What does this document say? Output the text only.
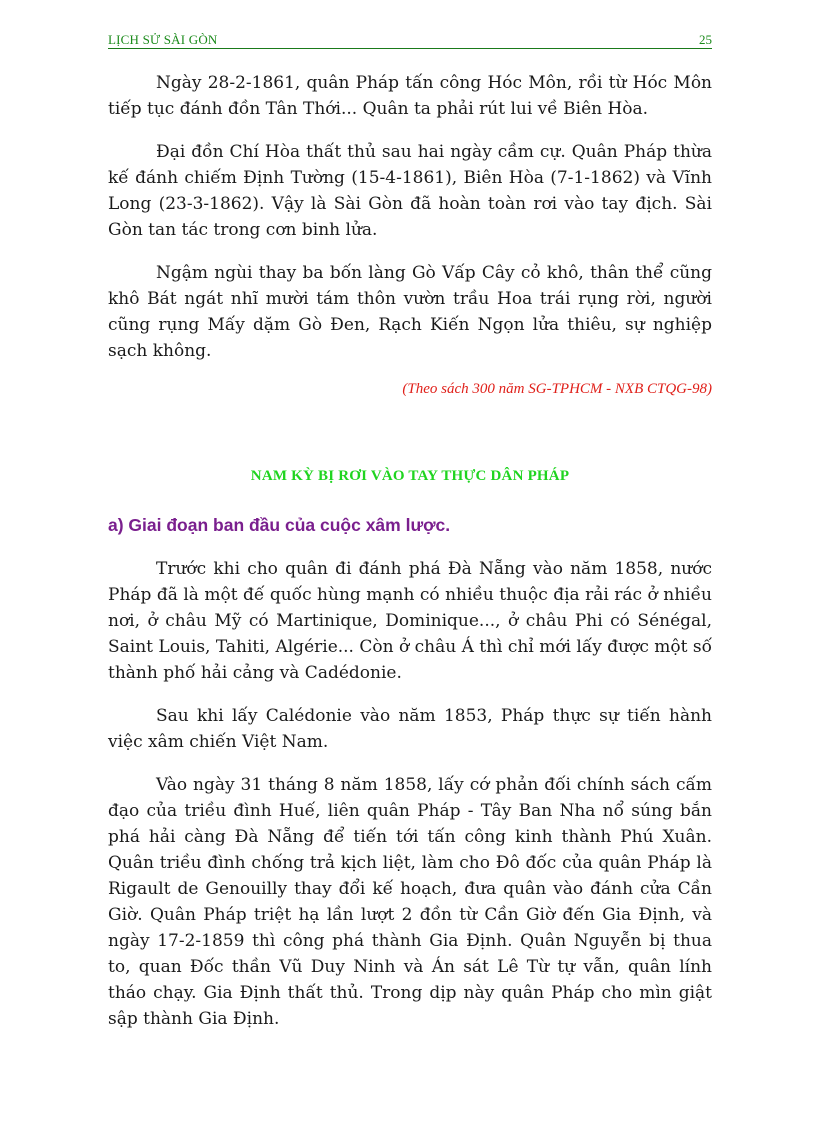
LỊCH SỬ SÀI GÒN	25

Ngày 28-2-1861, quân Pháp tấn công Hóc Môn, rồi từ Hóc Môn tiếp tục đánh đồn Tân Thới... Quân ta phải rút lui về Biên Hòa.

Đại đồn Chí Hòa thất thủ sau hai ngày cầm cự. Quân Pháp thừa kế đánh chiếm Định Tường (15-4-1861), Biên Hòa (7-1-1862) và Vĩnh Long (23-3-1862). Vậy là Sài Gòn đã hoàn toàn rơi vào tay địch. Sài Gòn tan tác trong cơn binh lửa.

Ngậm ngùi thay ba bốn làng Gò Vấp Cây cỏ khô, thân thể cũng khô Bát ngát nhĩ mười tám thôn vườn trầu Hoa trái rụng rời, người cũng rụng Mấy dặm Gò Đen, Rạch Kiến Ngọn lửa thiêu, sự nghiệp sạch không.

(Theo sách 300 năm SG-TPHCM - NXB CTQG-98)

NAM KỲ BỊ RƠI VÀO TAY THỰC DÂN PHÁP
a) Giai đoạn ban đầu của cuộc xâm lược.

Trước khi cho quân đi đánh phá Đà Nẵng vào năm 1858, nước Pháp đã là một đế quốc hùng mạnh có nhiều thuộc địa rải rác ở nhiều nơi, ở châu Mỹ có Martinique, Dominique..., ở châu Phi có Sénégal, Saint Louis, Tahiti, Algérie... Còn ở châu Á thì chỉ mới lấy được một số thành phố hải cảng và Cadédonie.

Sau khi lấy Calédonie vào năm 1853, Pháp thực sự tiến hành việc xâm chiến Việt Nam.

Vào ngày 31 tháng 8 năm 1858, lấy cớ phản đối chính sách cấm đạo của triều đình Huế, liên quân Pháp - Tây Ban Nha nổ súng bắn phá hải càng Đà Nẵng để tiến tới tấn công kinh thành Phú Xuân. Quân triều đình chống trả kịch liệt, làm cho Đô đốc của quân Pháp là Rigault de Genouilly thay đổi kế hoạch, đưa quân vào đánh cửa Cần Giờ. Quân Pháp triệt hạ lần lượt 2 đồn từ Cần Giờ đến Gia Định, và ngày 17-2-1859 thì công phá thành Gia Định. Quân Nguyễn bị thua to, quan Đốc thần Vũ Duy Ninh và Án sát Lê Từ tự vẫn, quân lính tháo chạy. Gia Định thất thủ. Trong dịp này quân Pháp cho mìn giật sập thành Gia Định.
